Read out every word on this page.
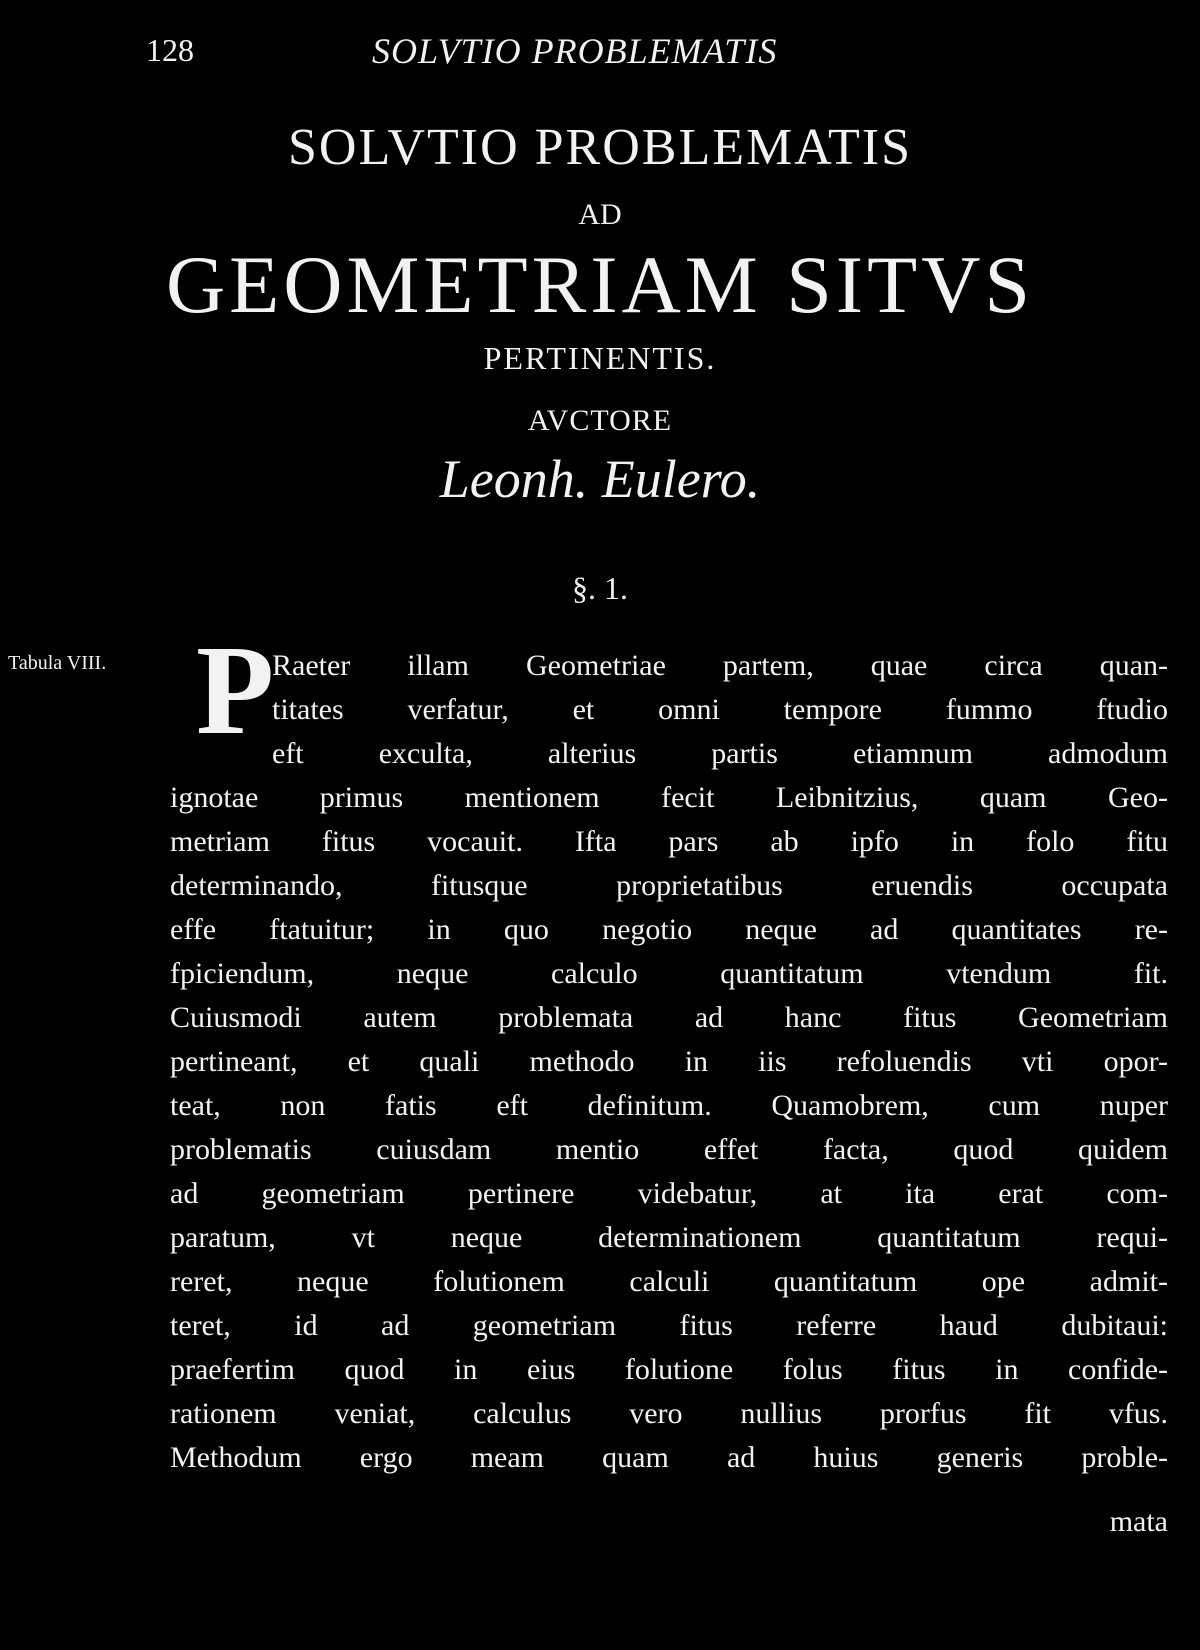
128	SOLVTIO PROBLEMATIS
SOLVTIO PROBLEMATIS
AD
GEOMETRIAM SITVS
PERTINENTIS.
AVCTORE
Leonh. Eulero.
§. 1.
Tabula VIII. P
Raeter illam Geometriae partem, quae circa quan-
titates verfatur, et omni tempore fummo ftudio
eft exculta, alterius partis etiamnum admodum
ignotae primus mentionem fecit Leibnitzius, quam Geo-
metriam fitus vocauit. Ifta pars ab ipfo in folo fitu
determinando, fitusque proprietatibus eruendis occupata
effe ftatuitur; in quo negotio neque ad quantitates re-
fpiciendum, neque calculo quantitatum vtendum fit.
Cuiusmodi autem problemata ad hanc fitus Geometriam
pertineant, et quali methodo in iis refoluendis vti opor-
teat, non fatis eft definitum. Quamobrem, cum nuper
problematis cuiusdam mentio effet facta, quod quidem
ad geometriam pertinere videbatur, at ita erat com-
paratum, vt neque determinationem quantitatum requi-
reret, neque folutionem calculi quantitatum ope admit-
teret, id ad geometriam fitus referre haud dubitaui:
praefertim quod in eius folutione folus fitus in confide-
rationem veniat, calculus vero nullius prorfus fit vfus.
Methodum ergo meam quam ad huius generis proble-
mata
